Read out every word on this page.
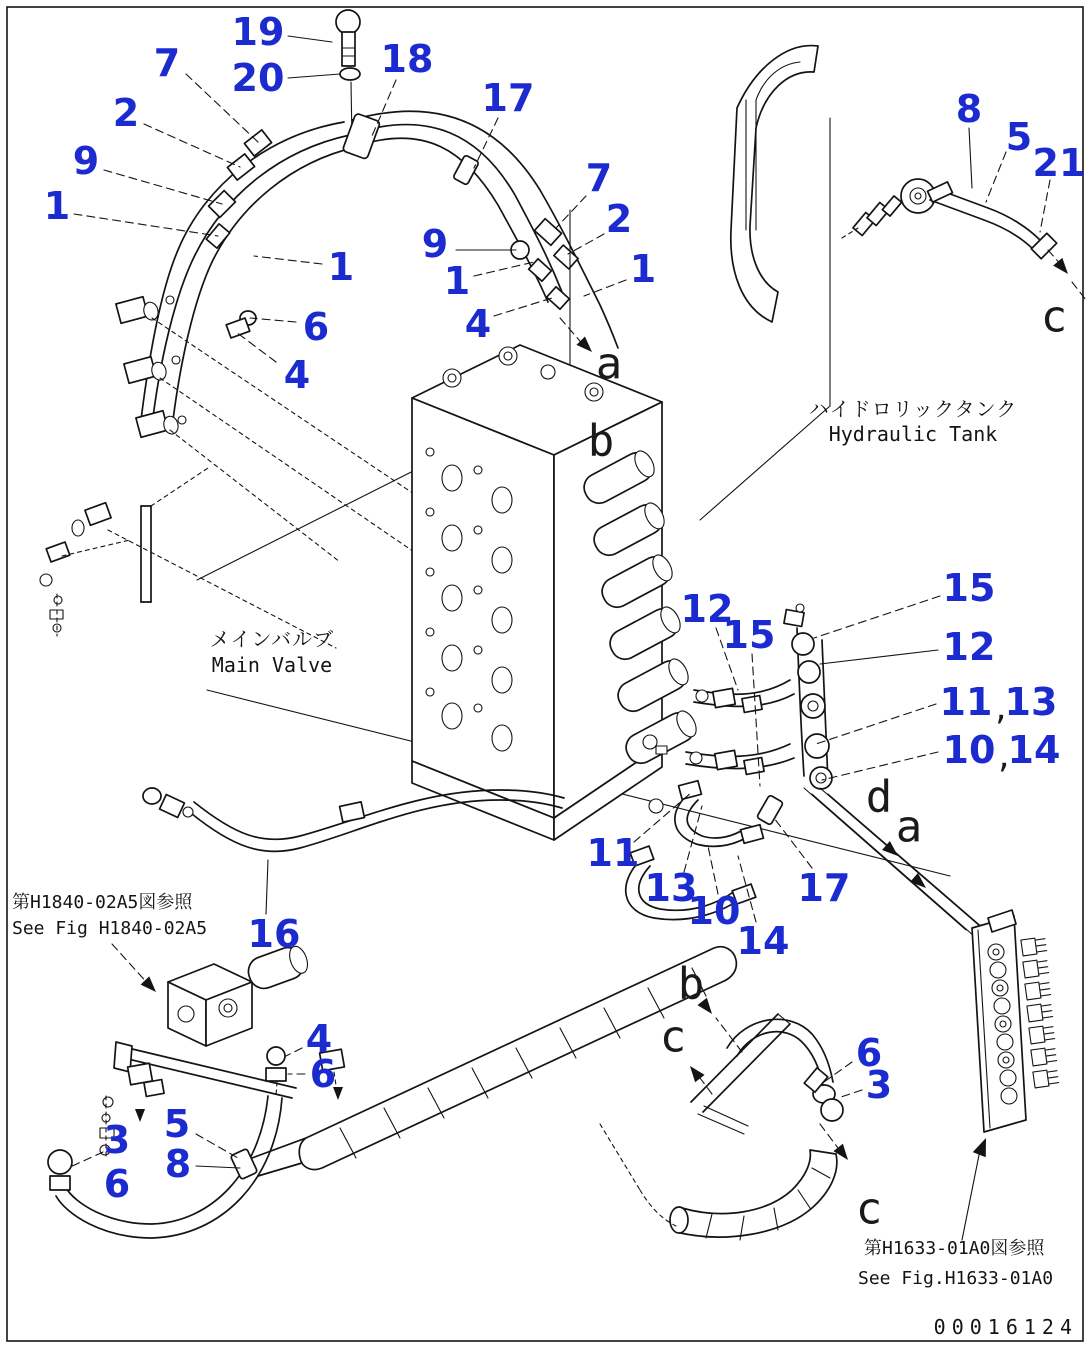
メインバルブ
Main Valve
ハイドロリックタンク
Hydraulic Tank
第H1840-02A5図参照
See Fig H1840-02A5
第H1633-01A0図参照
See Fig.H1633-01A0
00016124
19
20
7
2
9
1
18
17
7
2
9
1
1	1
6	4
4
8
5
21
15
12
11 13
10 14
12
15
11
13
10
14
17
16
4
6
3
6
5
8
6
3
a
b
c
d
a
b
c
c
,
,
